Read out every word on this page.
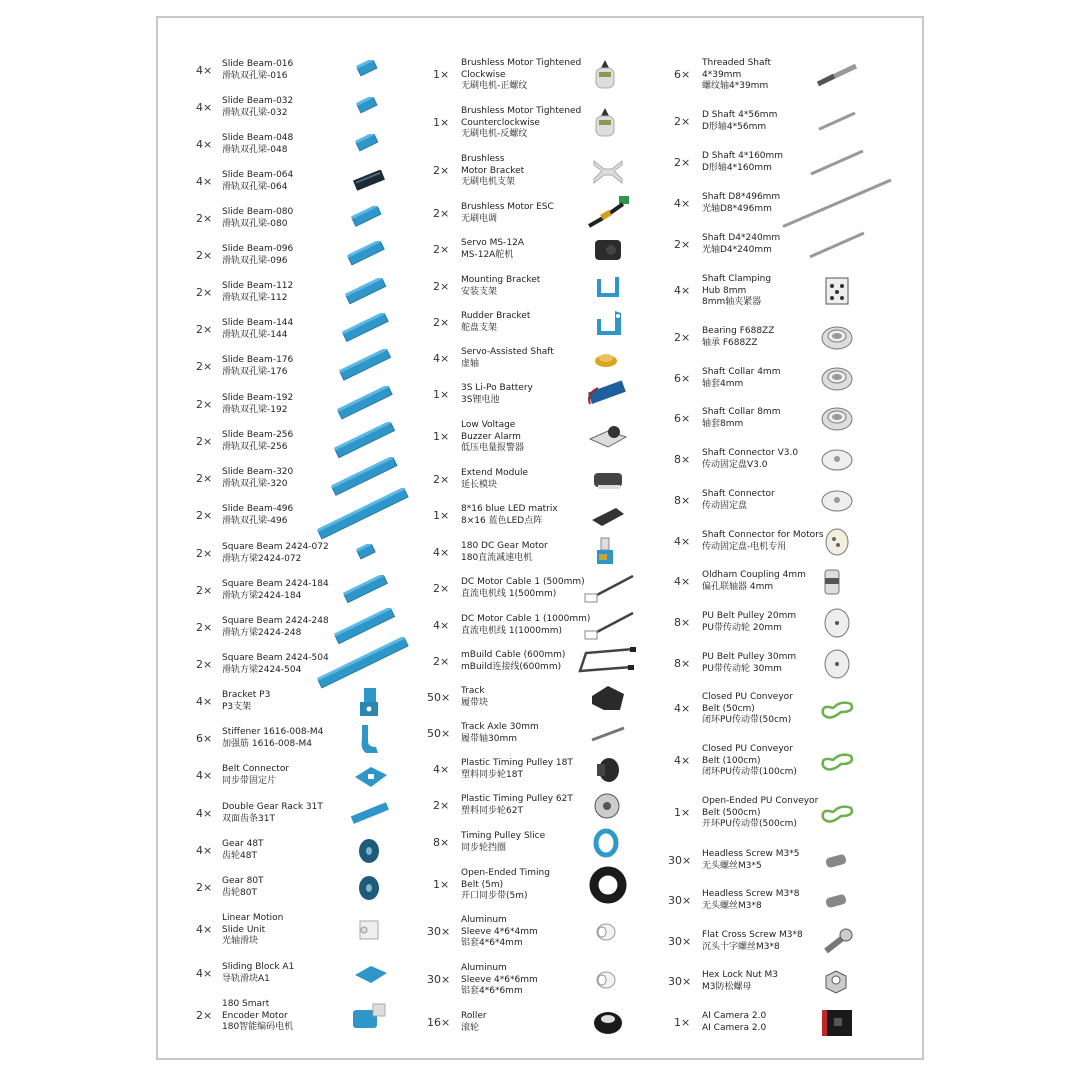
4× Slide Beam-016
滑轨双孔梁-016
4× Slide Beam-032
滑轨双孔梁-032
4× Slide Beam-048
滑轨双孔梁-048
4× Slide Beam-064
滑轨双孔梁-064
2× Slide Beam-080
滑轨双孔梁-080
2× Slide Beam-096
滑轨双孔梁-096
2× Slide Beam-112
滑轨双孔梁-112
2× Slide Beam-144
滑轨双孔梁-144
2× Slide Beam-176
滑轨双孔梁-176
2× Slide Beam-192
滑轨双孔梁-192
2× Slide Beam-256
滑轨双孔梁-256
2× Slide Beam-320
滑轨双孔梁-320
2× Slide Beam-496
滑轨双孔梁-496
2× Square Beam 2424-072
滑轨方梁2424-072
2× Square Beam 2424-184
滑轨方梁2424-184
2× Square Beam 2424-248
滑轨方梁2424-248
2× Square Beam 2424-504
滑轨方梁2424-504
4× Bracket P3
P3支架
6× Stiffener 1616-008-M4
加强筋 1616-008-M4
4× Belt Connector
同步带固定片
4× Double Gear Rack 31T
双面齿条31T
4× Gear 48T
齿轮48T
2× Gear 80T
齿轮80T
4×
Linear Motion
Slide Unit
光轴滑块
4× Sliding Block A1
导轨滑块A1
2×
180 Smart
Encoder Motor
180智能编码电机
1×
Brushless Motor Tightened
Clockwise
无刷电机-正螺纹
1×
Brushless Motor Tightened
Counterclockwise
无刷电机-反螺纹
2×
Brushless
Motor Bracket
无刷电机支架
2× Brushless Motor ESC
无刷电调
2× Servo MS-12A
MS-12A舵机
2× Mounting Bracket
安装支架
2× Rudder Bracket
舵盘支架
4× Servo-Assisted Shaft
虚轴
1× 3S Li-Po Battery
3S锂电池
1×
Low Voltage
Buzzer Alarm
低压电量报警器
2× Extend Module
延长模块
1× 8*16 blue LED matrix
8×16 蓝色LED点阵
4× 180 DC Gear Motor
180直流减速电机
2× DC Motor Cable 1 (500mm)
直流电机线 1(500mm)
4× DC Motor Cable 1 (1000mm)
直流电机线 1(1000mm)
2× mBuild Cable (600mm)
mBuild连接线(600mm)
50× Track
履带块
50× Track Axle 30mm
履带轴30mm
4× Plastic Timing Pulley 18T
塑料同步轮18T
2× Plastic Timing Pulley 62T
塑料同步轮62T
8× Timing Pulley Slice
同步轮挡圈
1×
Open-Ended Timing
Belt (5m)
开口同步带(5m)
30×
Aluminum
Sleeve 4*6*4mm
铝套4*6*4mm
30×
Aluminum
Sleeve 4*6*6mm
铝套4*6*6mm
16× Roller
滚轮
6×
Threaded Shaft
4*39mm
螺纹轴4*39mm
2× D Shaft 4*56mm
D形轴4*56mm
2× D Shaft 4*160mm
D形轴4*160mm
4× Shaft D8*496mm
光轴D8*496mm
2× Shaft D4*240mm
光轴D4*240mm
4×
Shaft Clamping
Hub 8mm
8mm轴夹紧器
2× Bearing F688ZZ
轴承 F688ZZ
6× Shaft Collar 4mm
轴套4mm
6× Shaft Collar 8mm
轴套8mm
8× Shaft Connector V3.0
传动固定盘V3.0
8× Shaft Connector
传动固定盘
4× Shaft Connector for Motors
传动固定盘-电机专用
4× Oldham Coupling 4mm
偏孔联轴器 4mm
8× PU Belt Pulley 20mm
PU带传动轮 20mm
8× PU Belt Pulley 30mm
PU带传动轮 30mm
4×
Closed PU Conveyor
Belt (50cm)
闭环PU传动带(50cm)
4×
Closed PU Conveyor
Belt (100cm)
闭环PU传动带(100cm)
1×
Open-Ended PU Conveyor
Belt (500cm)
开环PU传动带(500cm)
30× Headless Screw M3*5
无头螺丝M3*5
30× Headless Screw M3*8
无头螺丝M3*8
30× Flat Cross Screw M3*8
沉头十字螺丝M3*8
30× Hex Lock Nut M3
M3防松螺母
1× AI Camera 2.0
AI Camera 2.0
